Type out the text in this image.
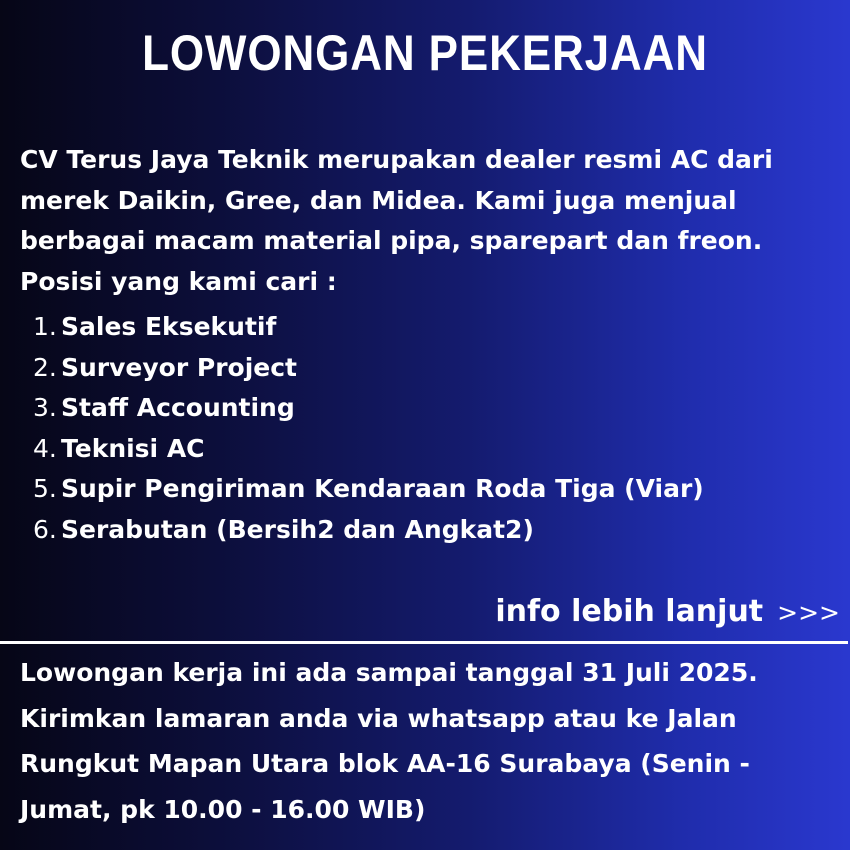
LOWONGAN PEKERJAAN
CV Terus Jaya Teknik merupakan dealer resmi AC dari merek Daikin, Gree, dan Midea. Kami juga menjual berbagai macam material pipa, sparepart dan freon.
Posisi yang kami cari :
1. Sales Eksekutif
2. Surveyor Project
3. Staff Accounting
4. Teknisi AC
5. Supir Pengiriman Kendaraan Roda Tiga (Viar)
6. Serabutan (Bersih2 dan Angkat2)
info lebih lanjut >>>
Lowongan kerja ini ada sampai tanggal 31 Juli 2025. Kirimkan lamaran anda via whatsapp atau ke Jalan Rungkut Mapan Utara blok AA-16 Surabaya (Senin - Jumat, pk 10.00 - 16.00 WIB)
